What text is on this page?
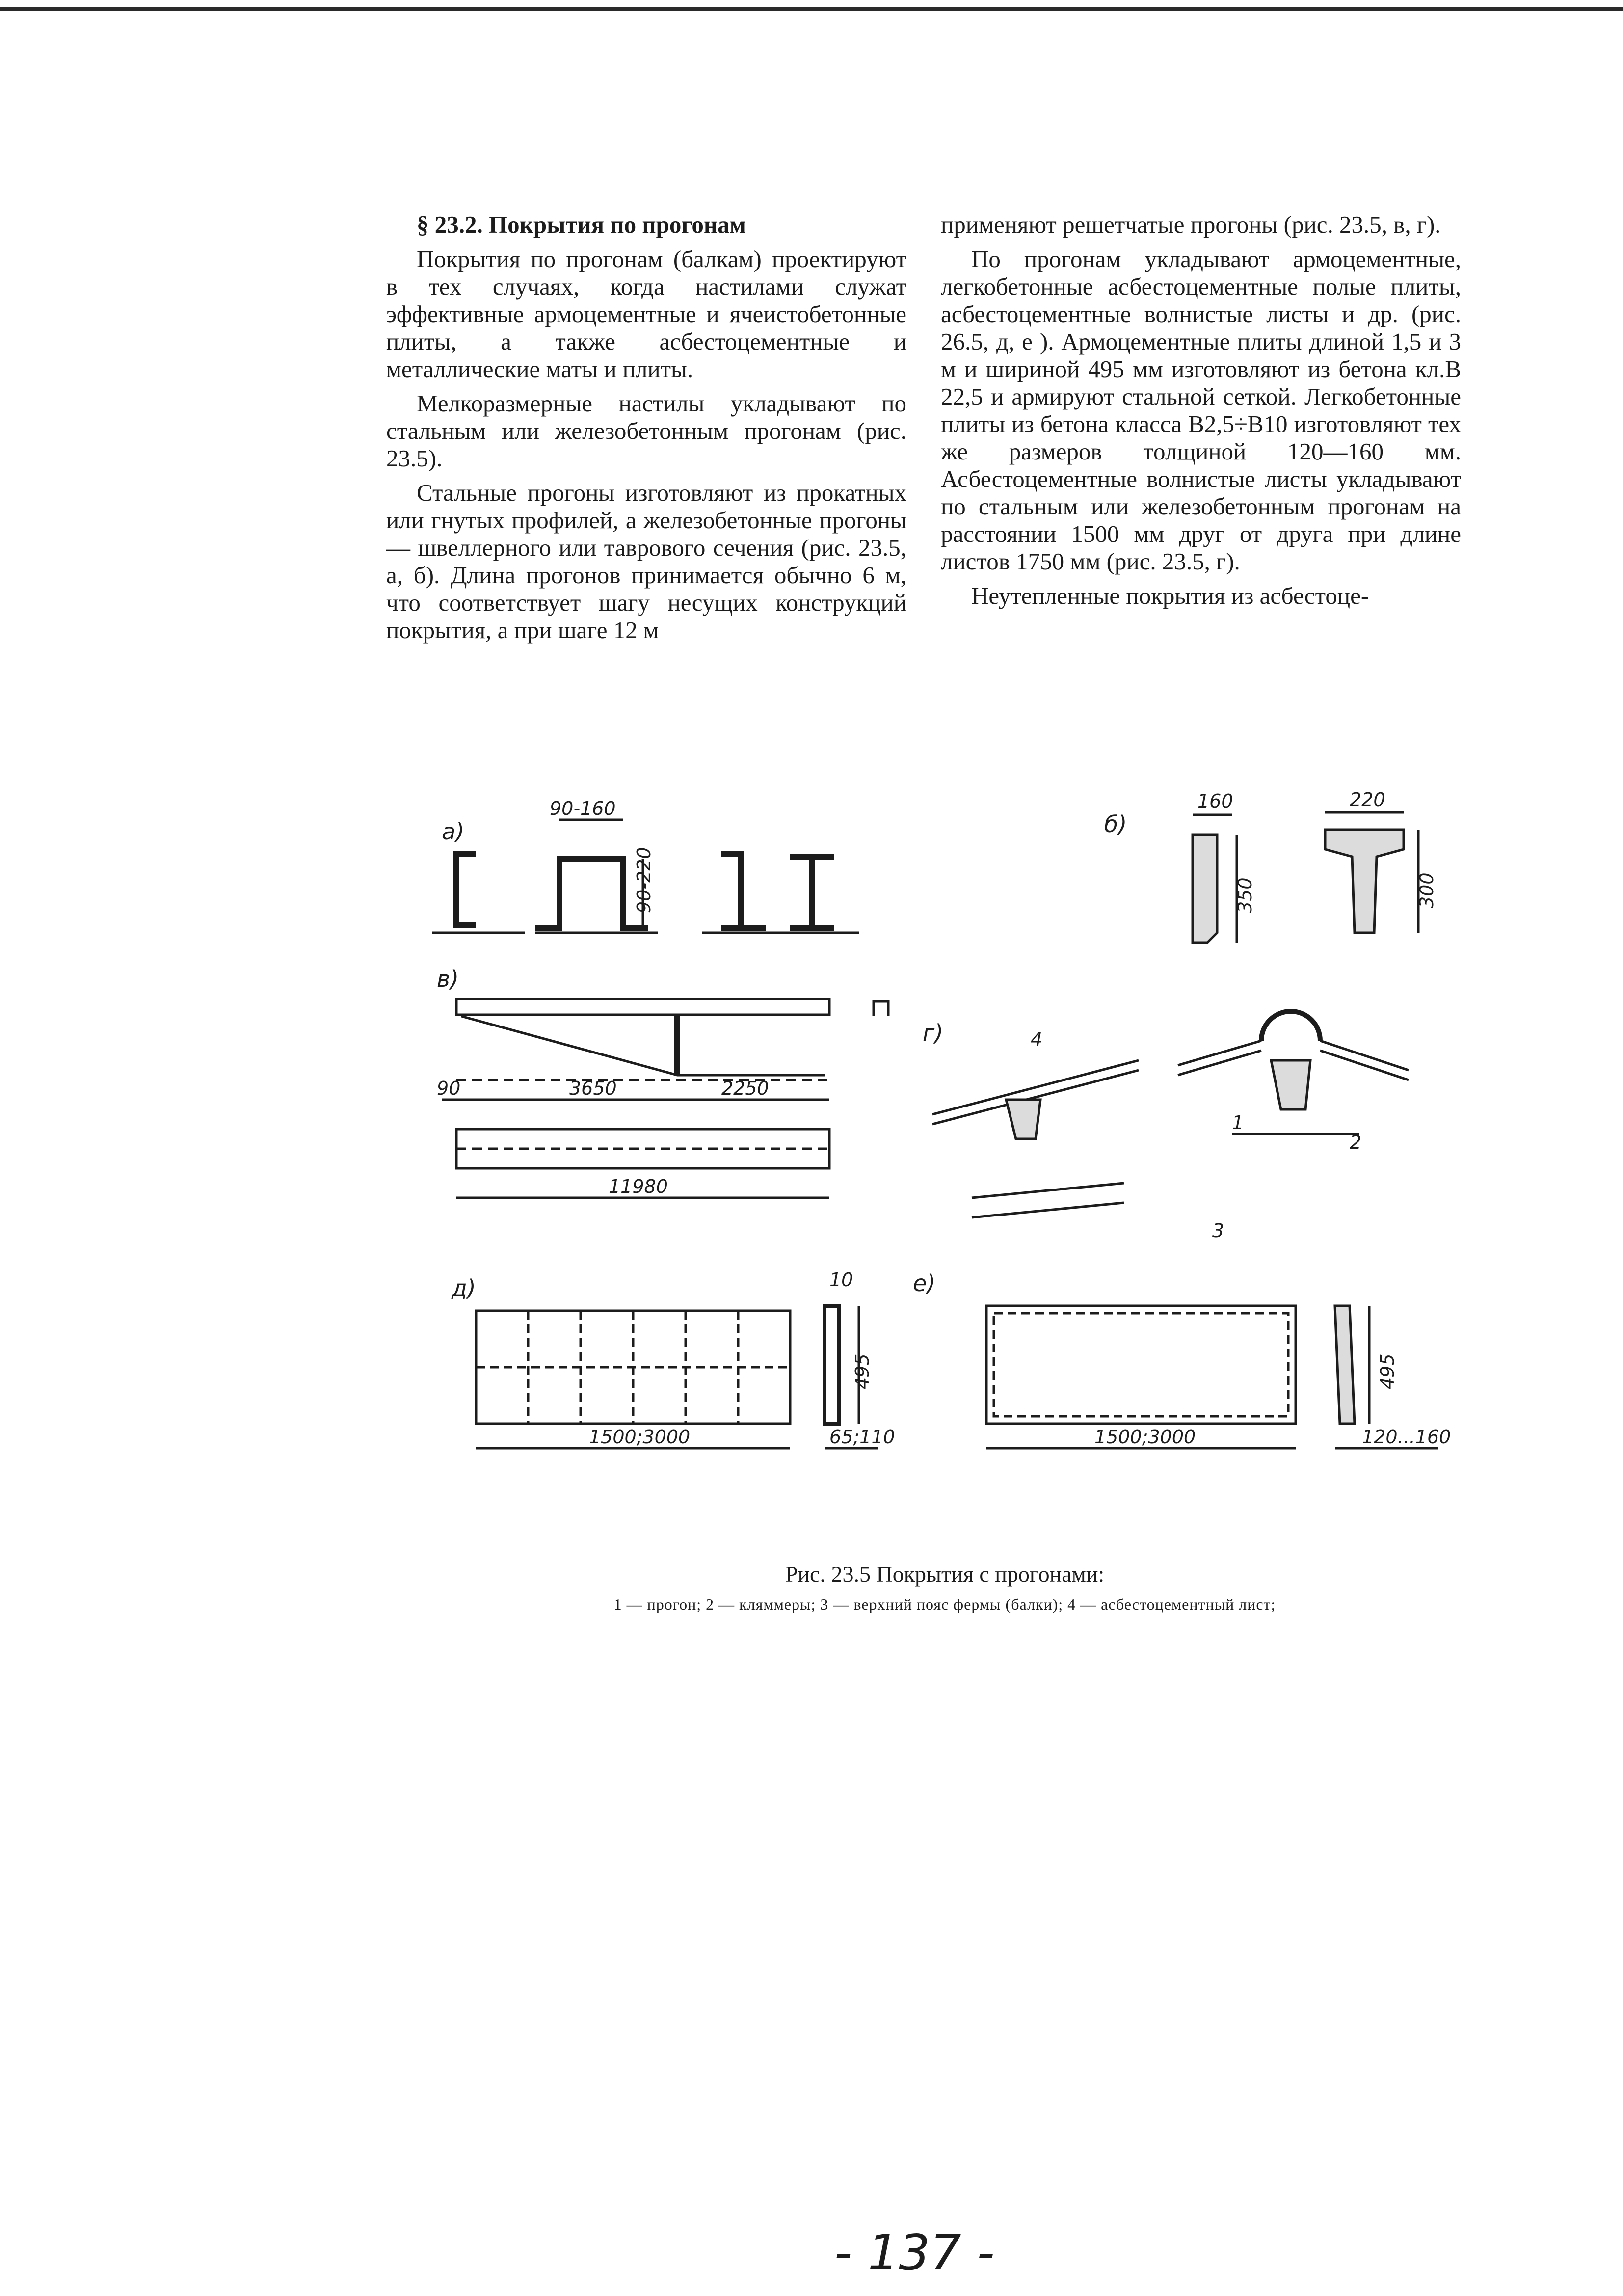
§ 23.2. Покрытия по прогонам

Покрытия по прогонам (балкам) проектируют в тех случаях, когда настилами служат эффективные армоцементные и ячеистобетонные плиты, а также асбестоцементные и металлические маты и плиты.

Мелкоразмерные настилы укладывают по стальным или железобетонным прогонам (рис. 23.5).

Стальные прогоны изготовляют из прокатных или гнутых профилей, а железобетонные прогоны — швеллерного или таврового сечения (рис. 23.5, а, б). Длина прогонов принимается обычно 6 м, что соответствует шагу несущих конструкций покрытия, а при шаге 12 м

применяют решетчатые прогоны (рис. 23.5, в, г).

По прогонам укладывают армоцементные, легкобетонные асбестоцементные полые плиты, асбестоцементные волнистые листы и др. (рис. 26.5, д, е ). Армоцементные плиты длиной 1,5 и 3 м и шириной 495 мм изготовляют из бетона кл.В 22,5 и армируют стальной сеткой. Легкобетонные плиты из бетона класса В2,5÷В10 изготовляют тех же размеров толщиной 120—160 мм. Асбестоцементные волнистые листы укладывают по стальным или железобетонным прогонам на расстоянии 1500 мм друг от друга при длине листов 1750 мм (рис. 23.5, г).

Неутепленные покрытия из асбестоце-

а)
90-160
90-220
б)
160
350
220
300
в)
90	3650	2250
11980
г)	4
1
2
3
д)
1500;3000
10
495
65;110
е)
1500;3000
495
120...160
Рис. 23.5 Покрытия с прогонами:
1 — прогон; 2 — кляммеры; 3 — верхний пояс фермы (балки); 4 — асбестоцементный лист;
- 137 -
